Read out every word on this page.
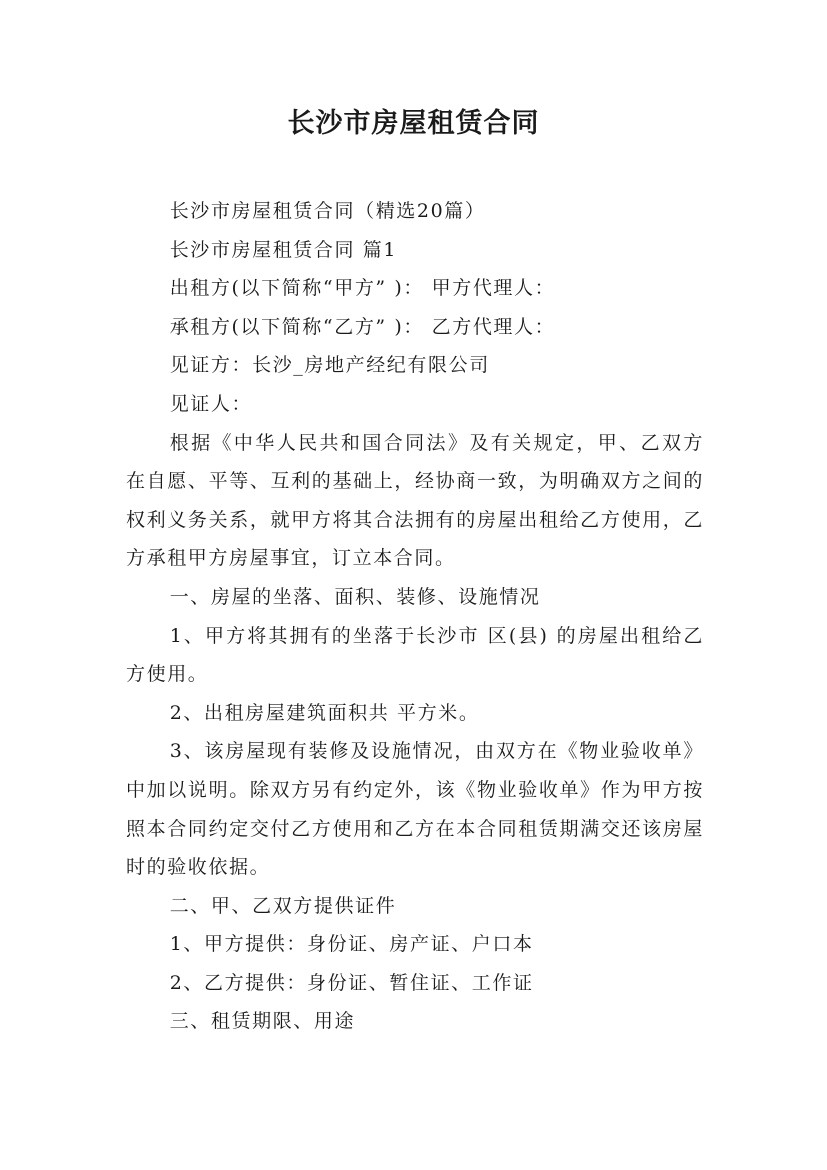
长沙市房屋租赁合同

长沙市房屋租赁合同（精选20篇）

长沙市房屋租赁合同 篇1

出租方(以下简称“甲方” )： 甲方代理人：

承租方(以下简称“乙方” )： 乙方代理人：

见证方：长沙_房地产经纪有限公司

见证人：

根据《中华人民共和国合同法》及有关规定，甲、乙双方在自愿、平等、互利的基础上，经协商一致，为明确双方之间的权利义务关系，就甲方将其合法拥有的房屋出租给乙方使用，乙方承租甲方房屋事宜，订立本合同。

一、房屋的坐落、面积、装修、设施情况

1、甲方将其拥有的坐落于长沙市 区(县) 的房屋出租给乙方使用。

2、出租房屋建筑面积共 平方米。

3、该房屋现有装修及设施情况，由双方在《物业验收单》中加以说明。除双方另有约定外，该《物业验收单》作为甲方按照本合同约定交付乙方使用和乙方在本合同租赁期满交还该房屋时的验收依据。

二、甲、乙双方提供证件

1、甲方提供：身份证、房产证、户口本

2、乙方提供：身份证、暂住证、工作证

三、租赁期限、用途
